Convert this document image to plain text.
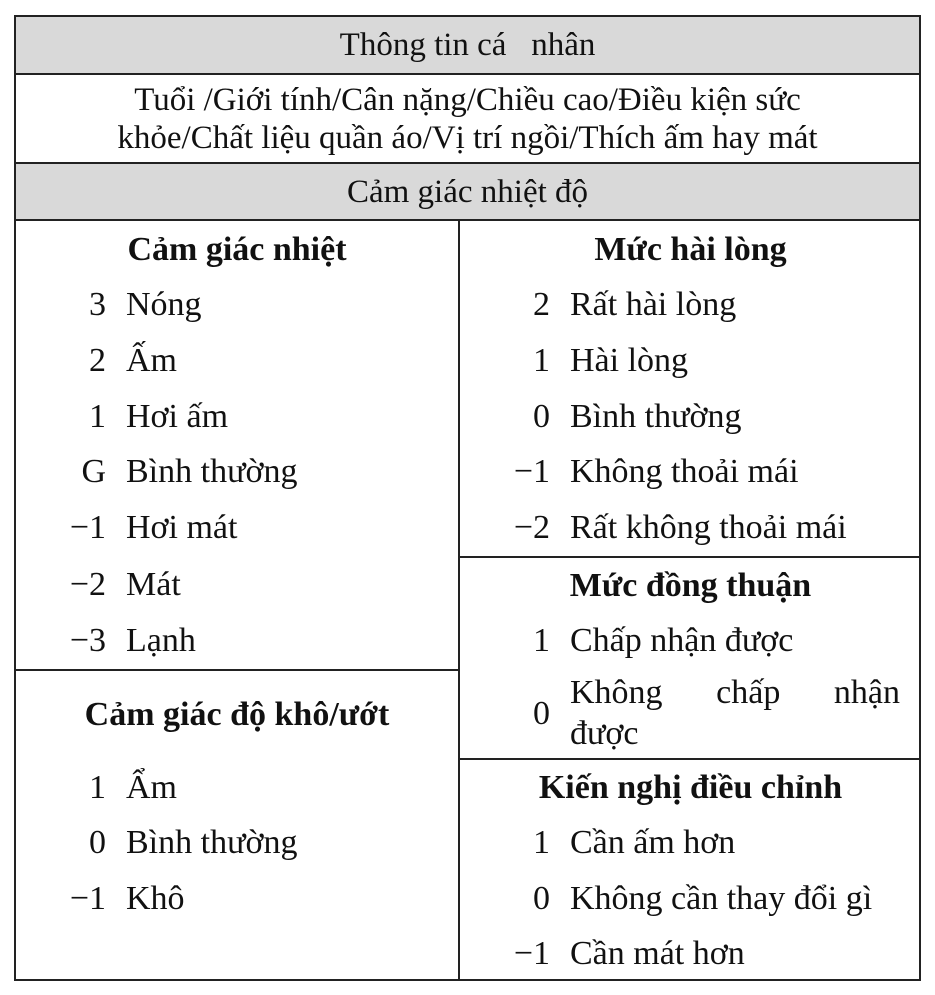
Thông tin cá   nhân
Tuổi /Giới tính/Cân nặng/Chiều cao/Điều kiện sức
khỏe/Chất liệu quần áo/Vị trí ngồi/Thích ấm hay mát
Cảm giác nhiệt độ
Cảm giác nhiệt
3 Nóng
2 Ấm
1 Hơi ấm
G Bình thường
−1 Hơi mát
−2 Mát
−3 Lạnh
Cảm giác độ khô/ướt
1 Ẩm
0 Bình thường
−1 Khô
Mức hài lòng
2 Rất hài lòng
1 Hài lòng
0 Bình thường
−1 Không thoải mái
−2 Rất không thoải mái
Mức đồng thuận
1 Chấp nhận được
0
Không chấp nhận
được
Kiến nghị điều chỉnh
1 Cần ấm hơn
0 Không cần thay đổi gì
−1 Cần mát hơn
